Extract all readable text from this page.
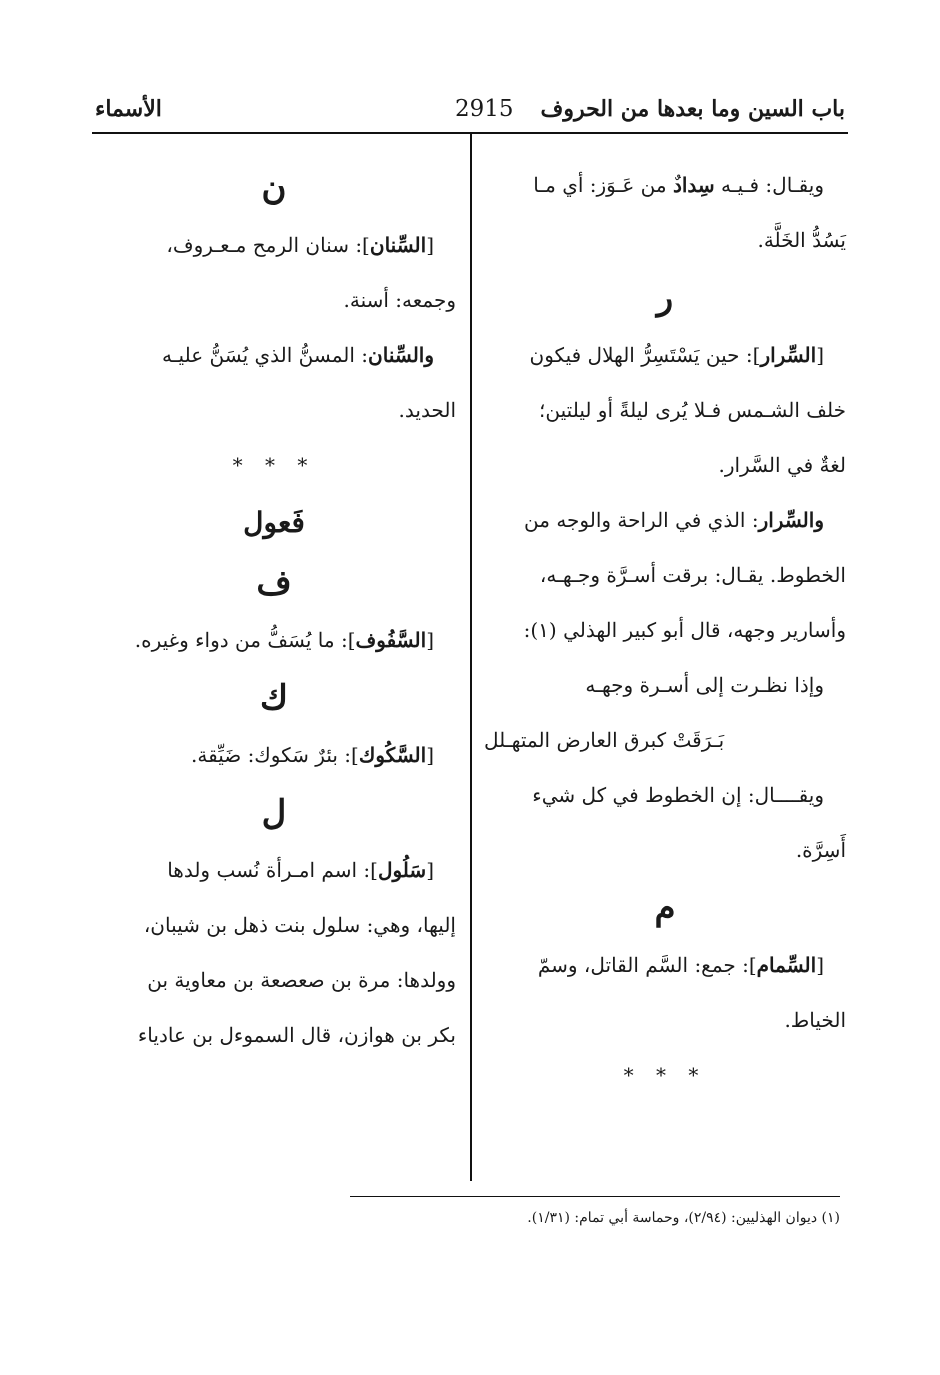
باب السين وما بعدها من الحروف
2915
الأسماء
ويقـال: فـيـه سِدادٌ من عَـوَز: أي مـا
يَسُدُّ الخَلَّة.
ر
[السِّرار]: حين يَسْتَسِرُّ الهلال فيكون
خلف الشـمس فـلا يُرى ليلةً أو ليلتين؛
لغةٌ في السَّرار.
والسِّرار: الذي في الراحة والوجه من
الخطوط. يقـال: برقت أسـرَّة وجـهـه،
وأسارير وجهه، قال أبو كبير الهذلي (١):
وإذا نظـرت إلى أسـرة وجهـه
بَـرَقَتْ كبرق العارض المتهـلل
ويقــــال: إن الخطوط في كل شيء
أَسِرَّة.
م
[السِّمام]: جمع: السَّم القاتل، وسمّ
الخياط.
* * *
ن
[السِّنان]: سنان الرمح مـعـروف،
وجمعه: أسنة.
والسِّنان: المسنُّ الذي يُسَنُّ عليـه
الحديد.
* * *
فَعول
ف
[السَّفُوف]: ما يُسَفُّ من دواء وغيره.
ك
[السَّكُوك]: بئرٌ سَكوك: ضَيِّقة.
ل
[سَلُول]: اسم امـرأة نُسب ولدها
إليها، وهي: سلول بنت ذهل بن شيبان،
وولدها: مرة بن صعصعة بن معاوية بن
بكر بن هوازن، قال السموءل بن عادياء
(١) ديوان الهذليين: (٢/٩٤)، وحماسة أبي تمام: (١/٣١).
